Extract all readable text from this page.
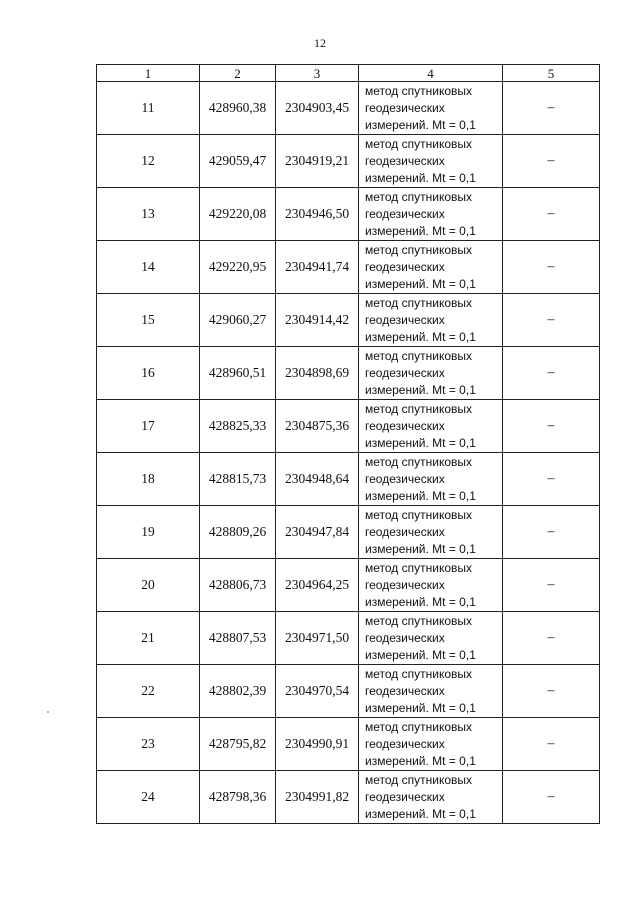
12
1	2	3	4	5
11	428960,38	2304903,45	метод спутниковых геодезических измерений. Mt = 0,1	–
12	429059,47	2304919,21	метод спутниковых геодезических измерений. Mt = 0,1	–
13	429220,08	2304946,50	метод спутниковых геодезических измерений. Mt = 0,1	–
14	429220,95	2304941,74	метод спутниковых геодезических измерений. Mt = 0,1	–
15	429060,27	2304914,42	метод спутниковых геодезических измерений. Mt = 0,1	–
16	428960,51	2304898,69	метод спутниковых геодезических измерений. Mt = 0,1	–
17	428825,33	2304875,36	метод спутниковых геодезических измерений. Mt = 0,1	–
18	428815,73	2304948,64	метод спутниковых геодезических измерений. Mt = 0,1	–
19	428809,26	2304947,84	метод спутниковых геодезических измерений. Mt = 0,1	–
20	428806,73	2304964,25	метод спутниковых геодезических измерений. Mt = 0,1	–
21	428807,53	2304971,50	метод спутниковых геодезических измерений. Mt = 0,1	–
22	428802,39	2304970,54	метод спутниковых геодезических измерений. Mt = 0,1	–
23	428795,82	2304990,91	метод спутниковых геодезических измерений. Mt = 0,1	–
24	428798,36	2304991,82	метод спутниковых геодезических измерений. Mt = 0,1	–
